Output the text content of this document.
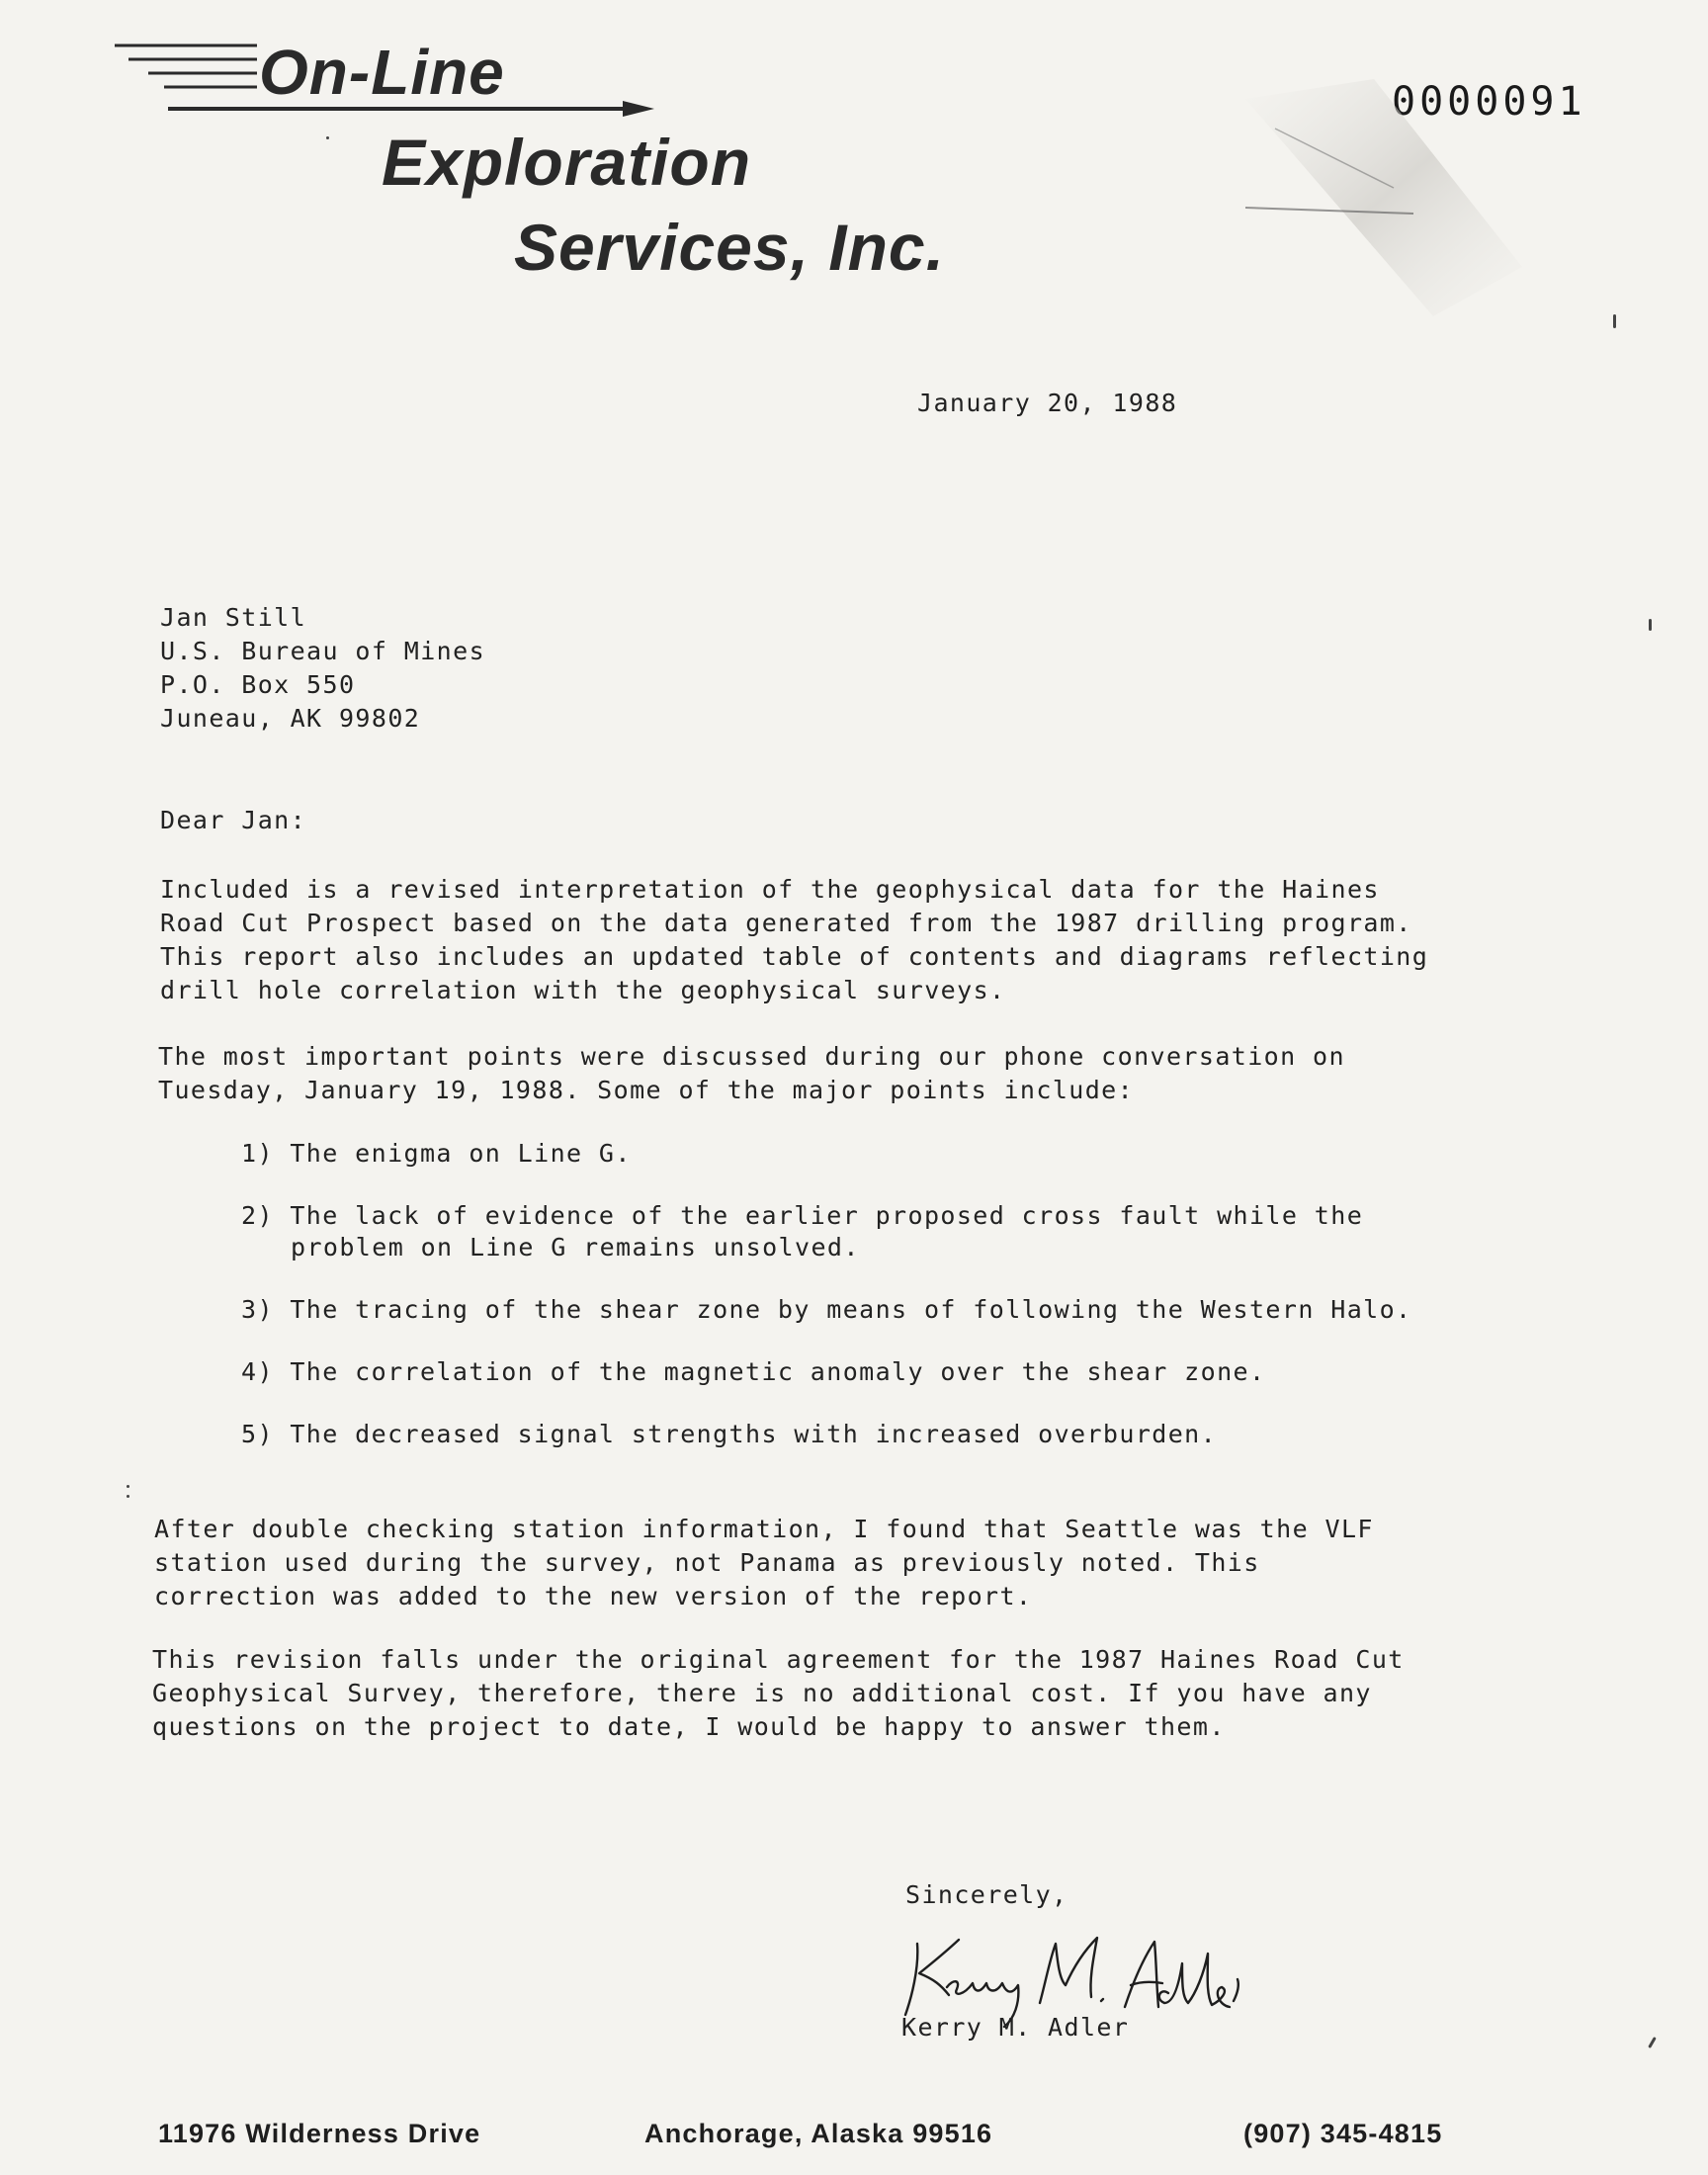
On-Line
Exploration
Services, Inc.
0000091
January 20, 1988
Jan Still
U.S. Bureau of Mines
P.O. Box 550
Juneau, AK 99802
Dear Jan:
Included is a revised interpretation of the geophysical data for the Haines
Road Cut Prospect based on the data generated from the 1987 drilling program.
This report also includes an updated table of contents and diagrams reflecting
drill hole correlation with the geophysical surveys.
The most important points were discussed during our phone conversation on
Tuesday, January 19, 1988. Some of the major points include:
1) The enigma on Line G.
2) The lack of evidence of the earlier proposed cross fault while the
problem on Line G remains unsolved.
3) The tracing of the shear zone by means of following the Western Halo.
4) The correlation of the magnetic anomaly over the shear zone.
5) The decreased signal strengths with increased overburden.
After double checking station information, I found that Seattle was the VLF
station used during the survey, not Panama as previously noted. This
correction was added to the new version of the report.
This revision falls under the original agreement for the 1987 Haines Road Cut
Geophysical Survey, therefore, there is no additional cost. If you have any
questions on the project to date, I would be happy to answer them.
Sincerely,
Kerry M. Adler
11976 Wilderness Drive	Anchorage, Alaska 99516	(907) 345-4815
